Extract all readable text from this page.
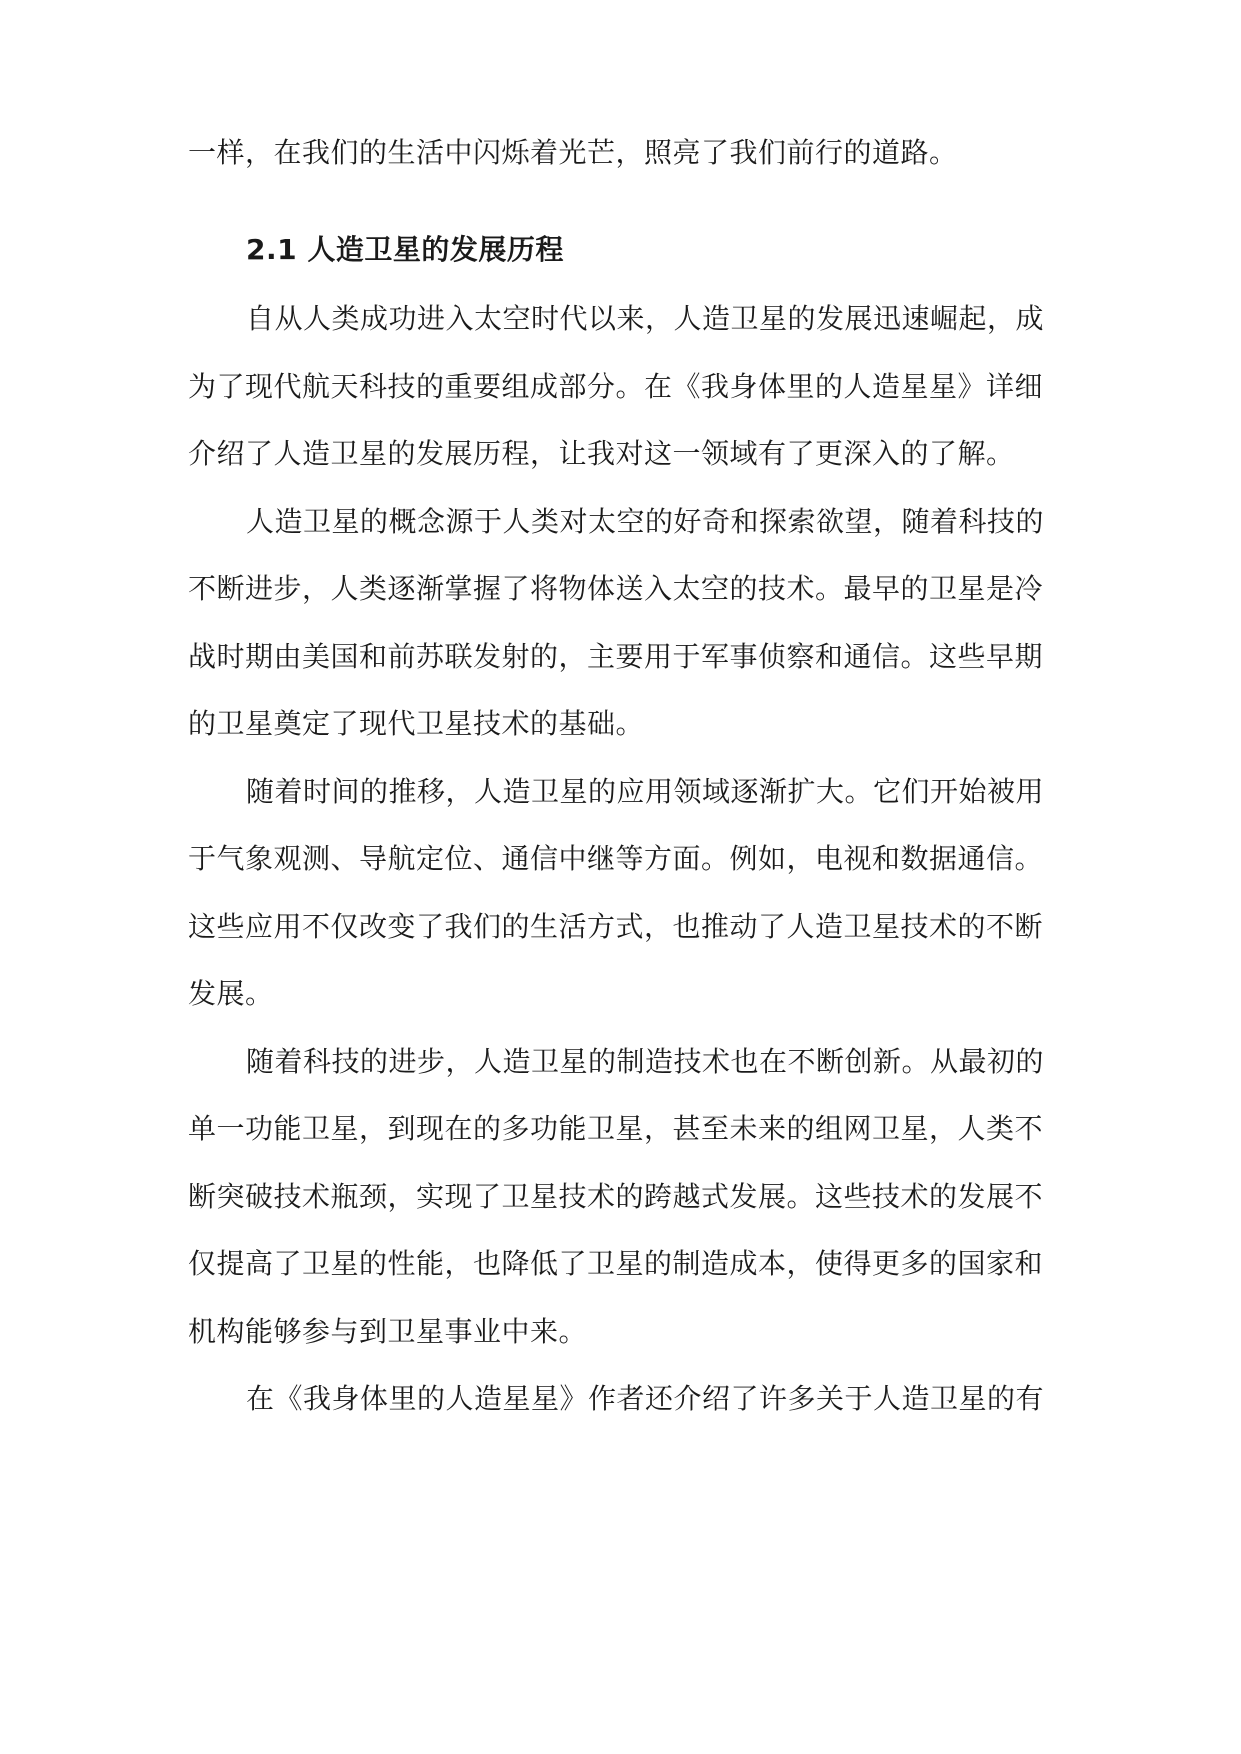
一样，在我们的生活中闪烁着光芒，照亮了我们前行的道路。
2.1 人造卫星的发展历程
自从人类成功进入太空时代以来，人造卫星的发展迅速崛起，成
为了现代航天科技的重要组成部分。在《我身体里的人造星星》详细
介绍了人造卫星的发展历程，让我对这一领域有了更深入的了解。
人造卫星的概念源于人类对太空的好奇和探索欲望，随着科技的
不断进步，人类逐渐掌握了将物体送入太空的技术。最早的卫星是冷
战时期由美国和前苏联发射的，主要用于军事侦察和通信。这些早期
的卫星奠定了现代卫星技术的基础。
随着时间的推移，人造卫星的应用领域逐渐扩大。它们开始被用
于气象观测、导航定位、通信中继等方面。例如，电视和数据通信。
这些应用不仅改变了我们的生活方式，也推动了人造卫星技术的不断
发展。
随着科技的进步，人造卫星的制造技术也在不断创新。从最初的
单一功能卫星，到现在的多功能卫星，甚至未来的组网卫星，人类不
断突破技术瓶颈，实现了卫星技术的跨越式发展。这些技术的发展不
仅提高了卫星的性能，也降低了卫星的制造成本，使得更多的国家和
机构能够参与到卫星事业中来。
在《我身体里的人造星星》作者还介绍了许多关于人造卫星的有
